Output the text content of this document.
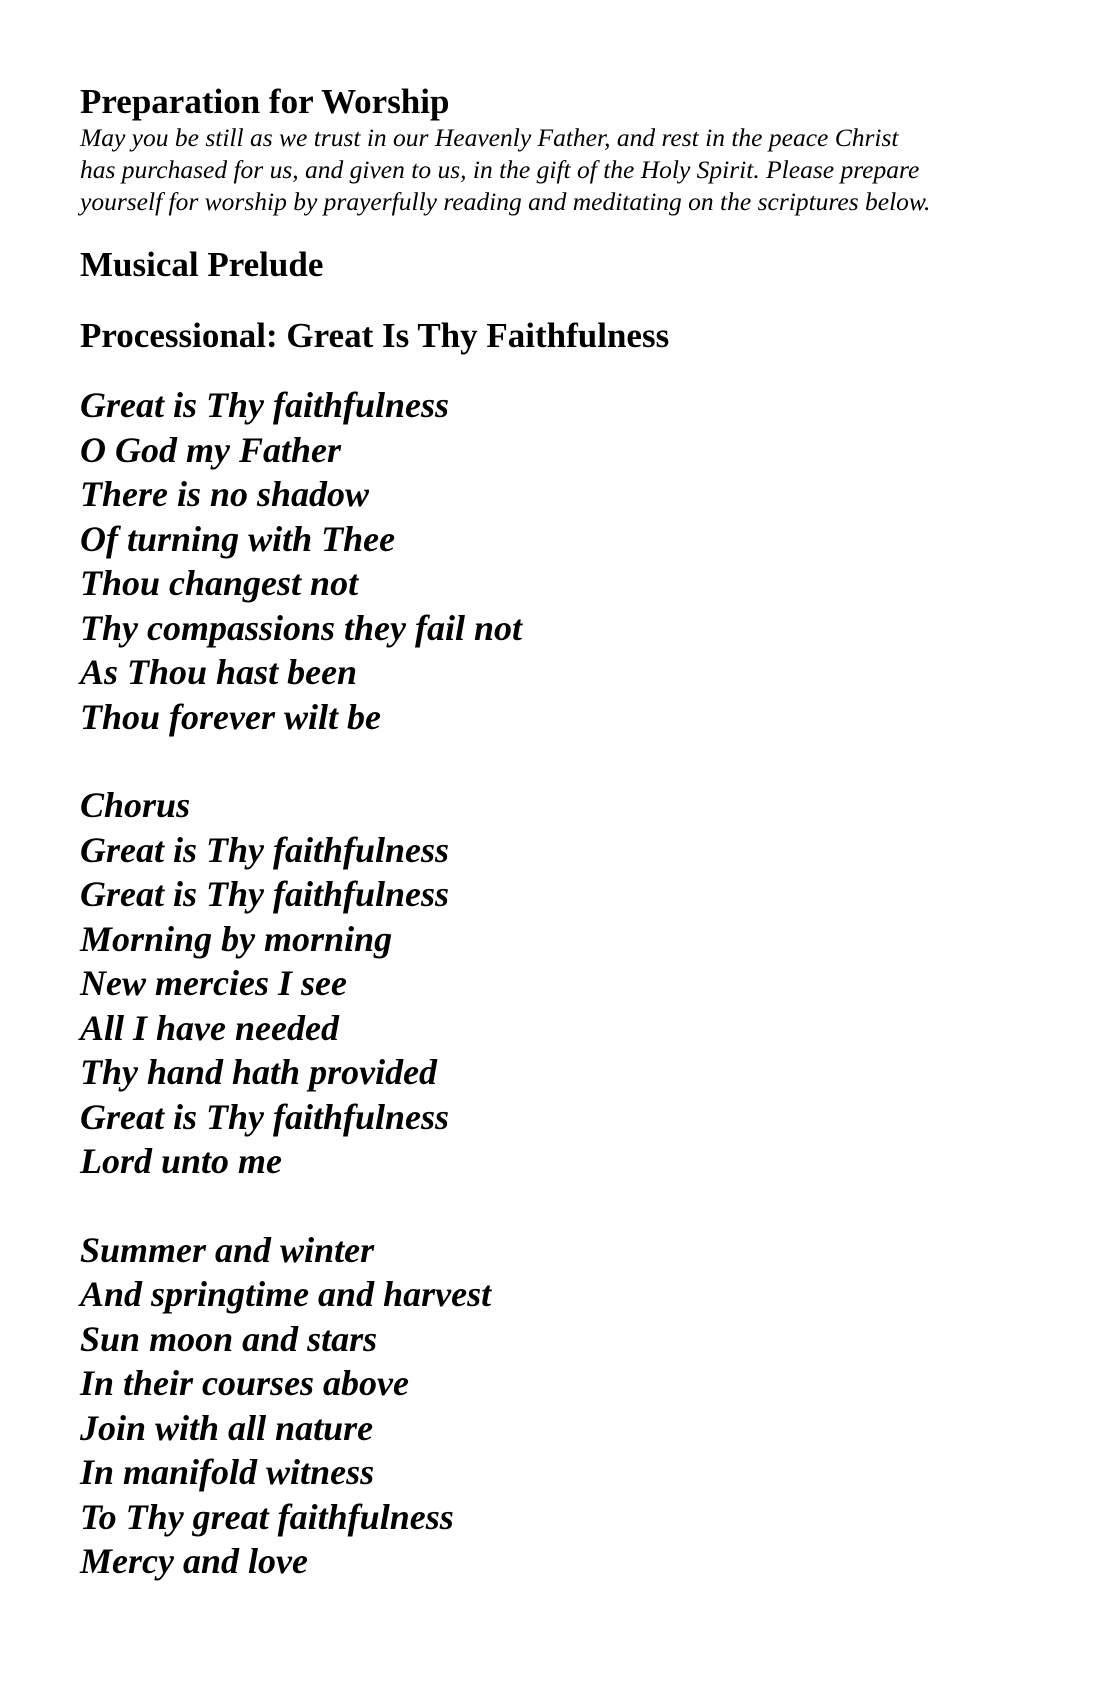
Preparation for Worship

May you be still as we trust in our Heavenly Father, and rest in the peace Christ
has purchased for us, and given to us, in the gift of the Holy Spirit. Please prepare
yourself for worship by prayerfully reading and meditating on the scriptures below.

Musical Prelude
Processional: Great Is Thy Faithfulness

Great is Thy faithfulness
O God my Father
There is no shadow
Of turning with Thee
Thou changest not
Thy compassions they fail not
As Thou hast been
Thou forever wilt be

Chorus
Great is Thy faithfulness
Great is Thy faithfulness
Morning by morning
New mercies I see
All I have needed
Thy hand hath provided
Great is Thy faithfulness
Lord unto me

Summer and winter
And springtime and harvest
Sun moon and stars
In their courses above
Join with all nature
In manifold witness
To Thy great faithfulness
Mercy and love
